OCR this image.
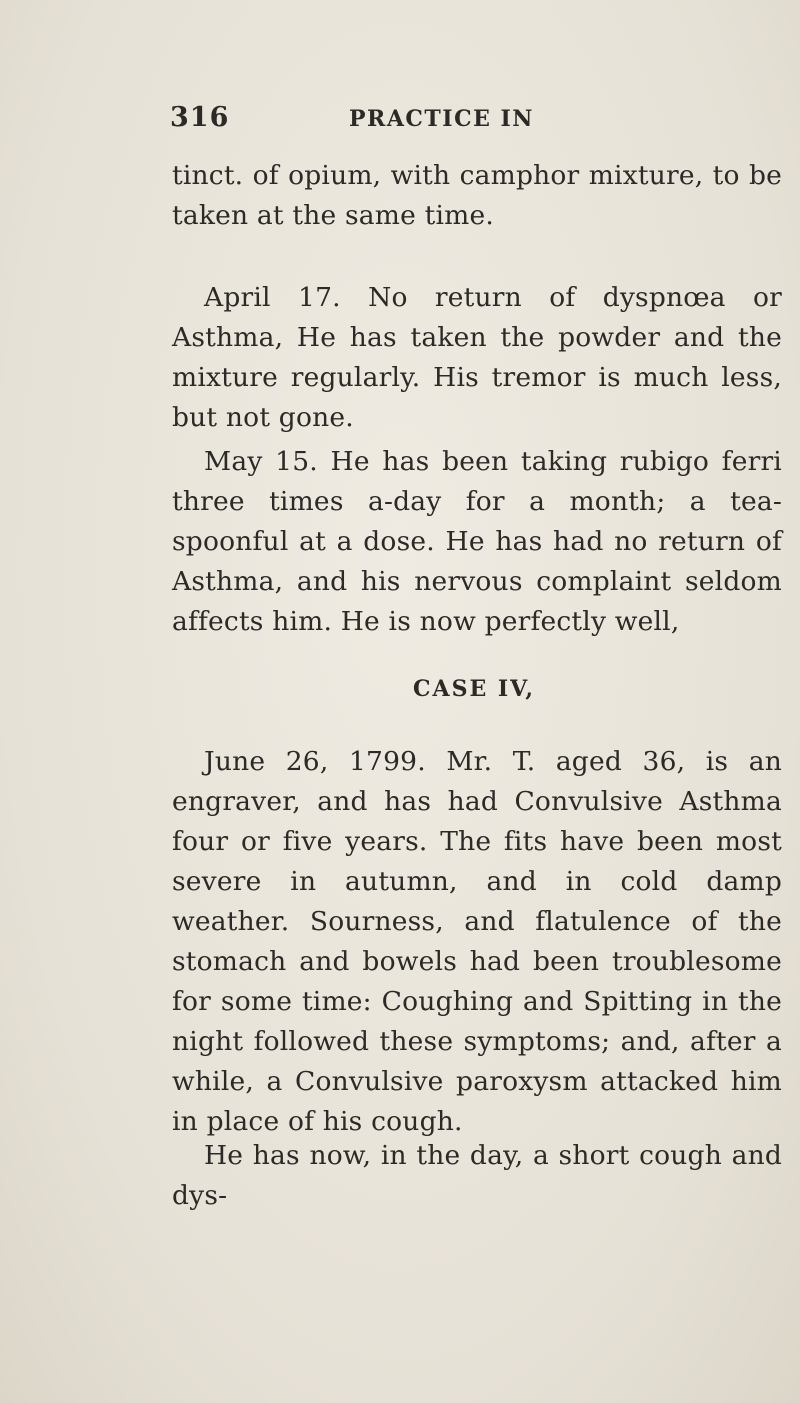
316	PRACTICE IN

tinct. of opium, with camphor mixture, to be taken at the same time.

April 17. No return of dyspnœa or Asthma, He has taken the powder and the mixture regularly. His tremor is much less, but not gone.

May 15. He has been taking rubigo ferri three times a-day for a month; a tea-spoonful at a dose. He has had no return of Asthma, and his nervous complaint seldom affects him. He is now perfectly well,

CASE IV,

June 26, 1799. Mr. T. aged 36, is an engraver, and has had Convulsive Asthma four or five years. The fits have been most severe in autumn, and in cold damp weather. Sourness, and flatulence of the stomach and bowels had been troublesome for some time: Coughing and Spitting in the night followed these symptoms; and, after a while, a Convulsive paroxysm attacked him in place of his cough.

He has now, in the day, a short cough and dys-
